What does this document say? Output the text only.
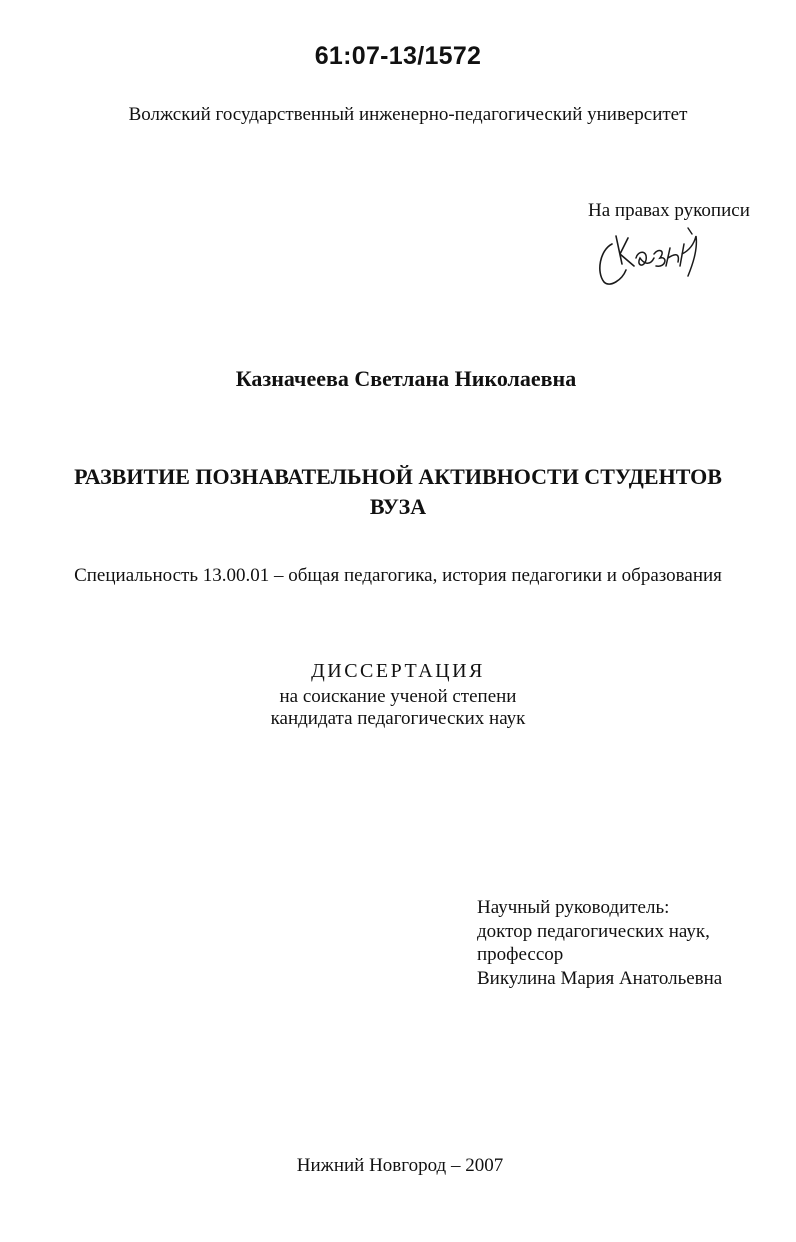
61:07-13/1572
Волжский государственный инженерно-педагогический университет
На правах рукописи
Казначеева Светлана Николаевна
РАЗВИТИЕ ПОЗНАВАТЕЛЬНОЙ АКТИВНОСТИ СТУДЕНТОВ
ВУЗА
Специальность 13.00.01 – общая педагогика, история педагогики и образования
ДИССЕРТАЦИЯ
на соискание ученой степени
кандидата педагогических наук
Научный руководитель:
доктор педагогических наук,
профессор
Викулина Мария Анатольевна
Нижний Новгород – 2007
